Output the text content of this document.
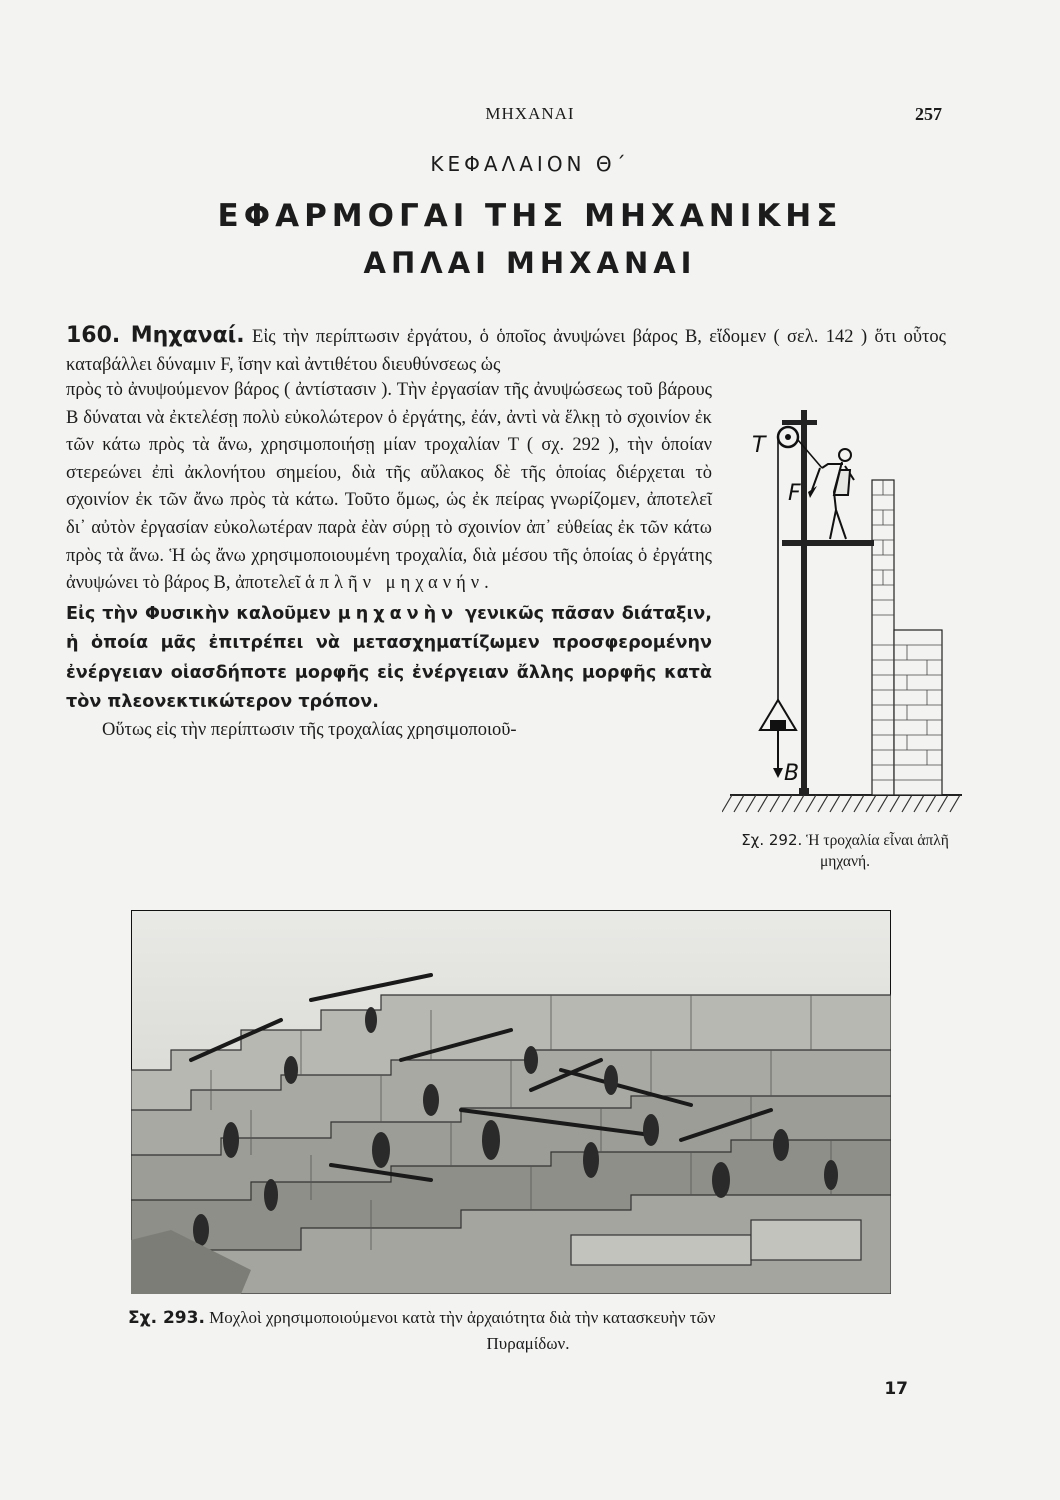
ΜΗΧΑΝΑΙ	257
ΚΕΦΑΛΑΙΟΝ Θ΄
ΕΦΑΡΜΟΓΑΙ ΤΗΣ ΜΗΧΑΝΙΚΗΣ
ΑΠΛΑΙ ΜΗΧΑΝΑΙ
160. Μηχαναί. Εἰς τὴν περίπτωσιν ἐργάτου, ὁ ὁποῖος ἀνυψώνει βάρος Β, εἴδομεν ( σελ. 142 ) ὅτι οὗτος καταβάλλει δύναμιν F, ἴσην καὶ ἀντιθέτου διευθύνσεως ὡς

πρὸς τὸ ἀνυψούμενον βάρος ( ἀντίστασιν ). Τὴν ἐργασίαν τῆς ἀνυψώσεως τοῦ βάρους Β δύναται νὰ ἐκτελέσῃ πολὺ εὐκολώτερον ὁ ἐργάτης, ἐάν, ἀντὶ νὰ ἕλκῃ τὸ σχοινίον ἐκ τῶν κάτω πρὸς τὰ ἄνω, χρησιμοποιήσῃ μίαν τροχαλίαν Τ ( σχ. 292 ), τὴν ὁποίαν στερεώνει ἐπὶ ἀκλονήτου σημείου, διὰ τῆς αὔλακος δὲ τῆς ὁποίας διέρχεται τὸ σχοινίον ἐκ τῶν ἄνω πρὸς τὰ κάτω. Τοῦτο ὅμως, ὡς ἐκ πείρας γνωρίζομεν, ἀποτελεῖ δι᾽ αὐτὸν ἐργασίαν εὐκολωτέραν παρὰ ἐὰν σύρῃ τὸ σχοινίον ἀπ᾽ εὐθείας ἐκ τῶν κάτω πρὸς τὰ ἄνω. Ἡ ὡς ἄνω χρησιμοποιουμένη τροχαλία, διὰ μέσου τῆς ὁποίας ὁ ἐργάτης ἀνυψώνει τὸ βάρος Β, ἀποτελεῖ ἁπλῆν μηχανήν.

Εἰς τὴν Φυσικὴν καλοῦμεν μηχανὴν γενικῶς πᾶσαν διάταξιν, ἡ ὁποία μᾶς ἐπιτρέπει νὰ μετασχηματίζωμεν προσφερομένην ἐνέργειαν οἱασδήποτε μορφῆς εἰς ἐνέργειαν ἄλλης μορφῆς κατὰ τὸν πλεονεκτικώτερον τρόπον.

Οὕτως εἰς τὴν περίπτωσιν τῆς τροχαλίας χρησιμοποιοῦ-

T
F
B
Σχ. 292. Ἡ τροχαλία εἶναι ἁπλῆ μηχανή.
Σχ. 293. Μοχλοὶ χρησιμοποιούμενοι κατὰ τὴν ἀρχαιότητα διὰ τὴν κατασκευὴν τῶν
Πυραμίδων.
17
